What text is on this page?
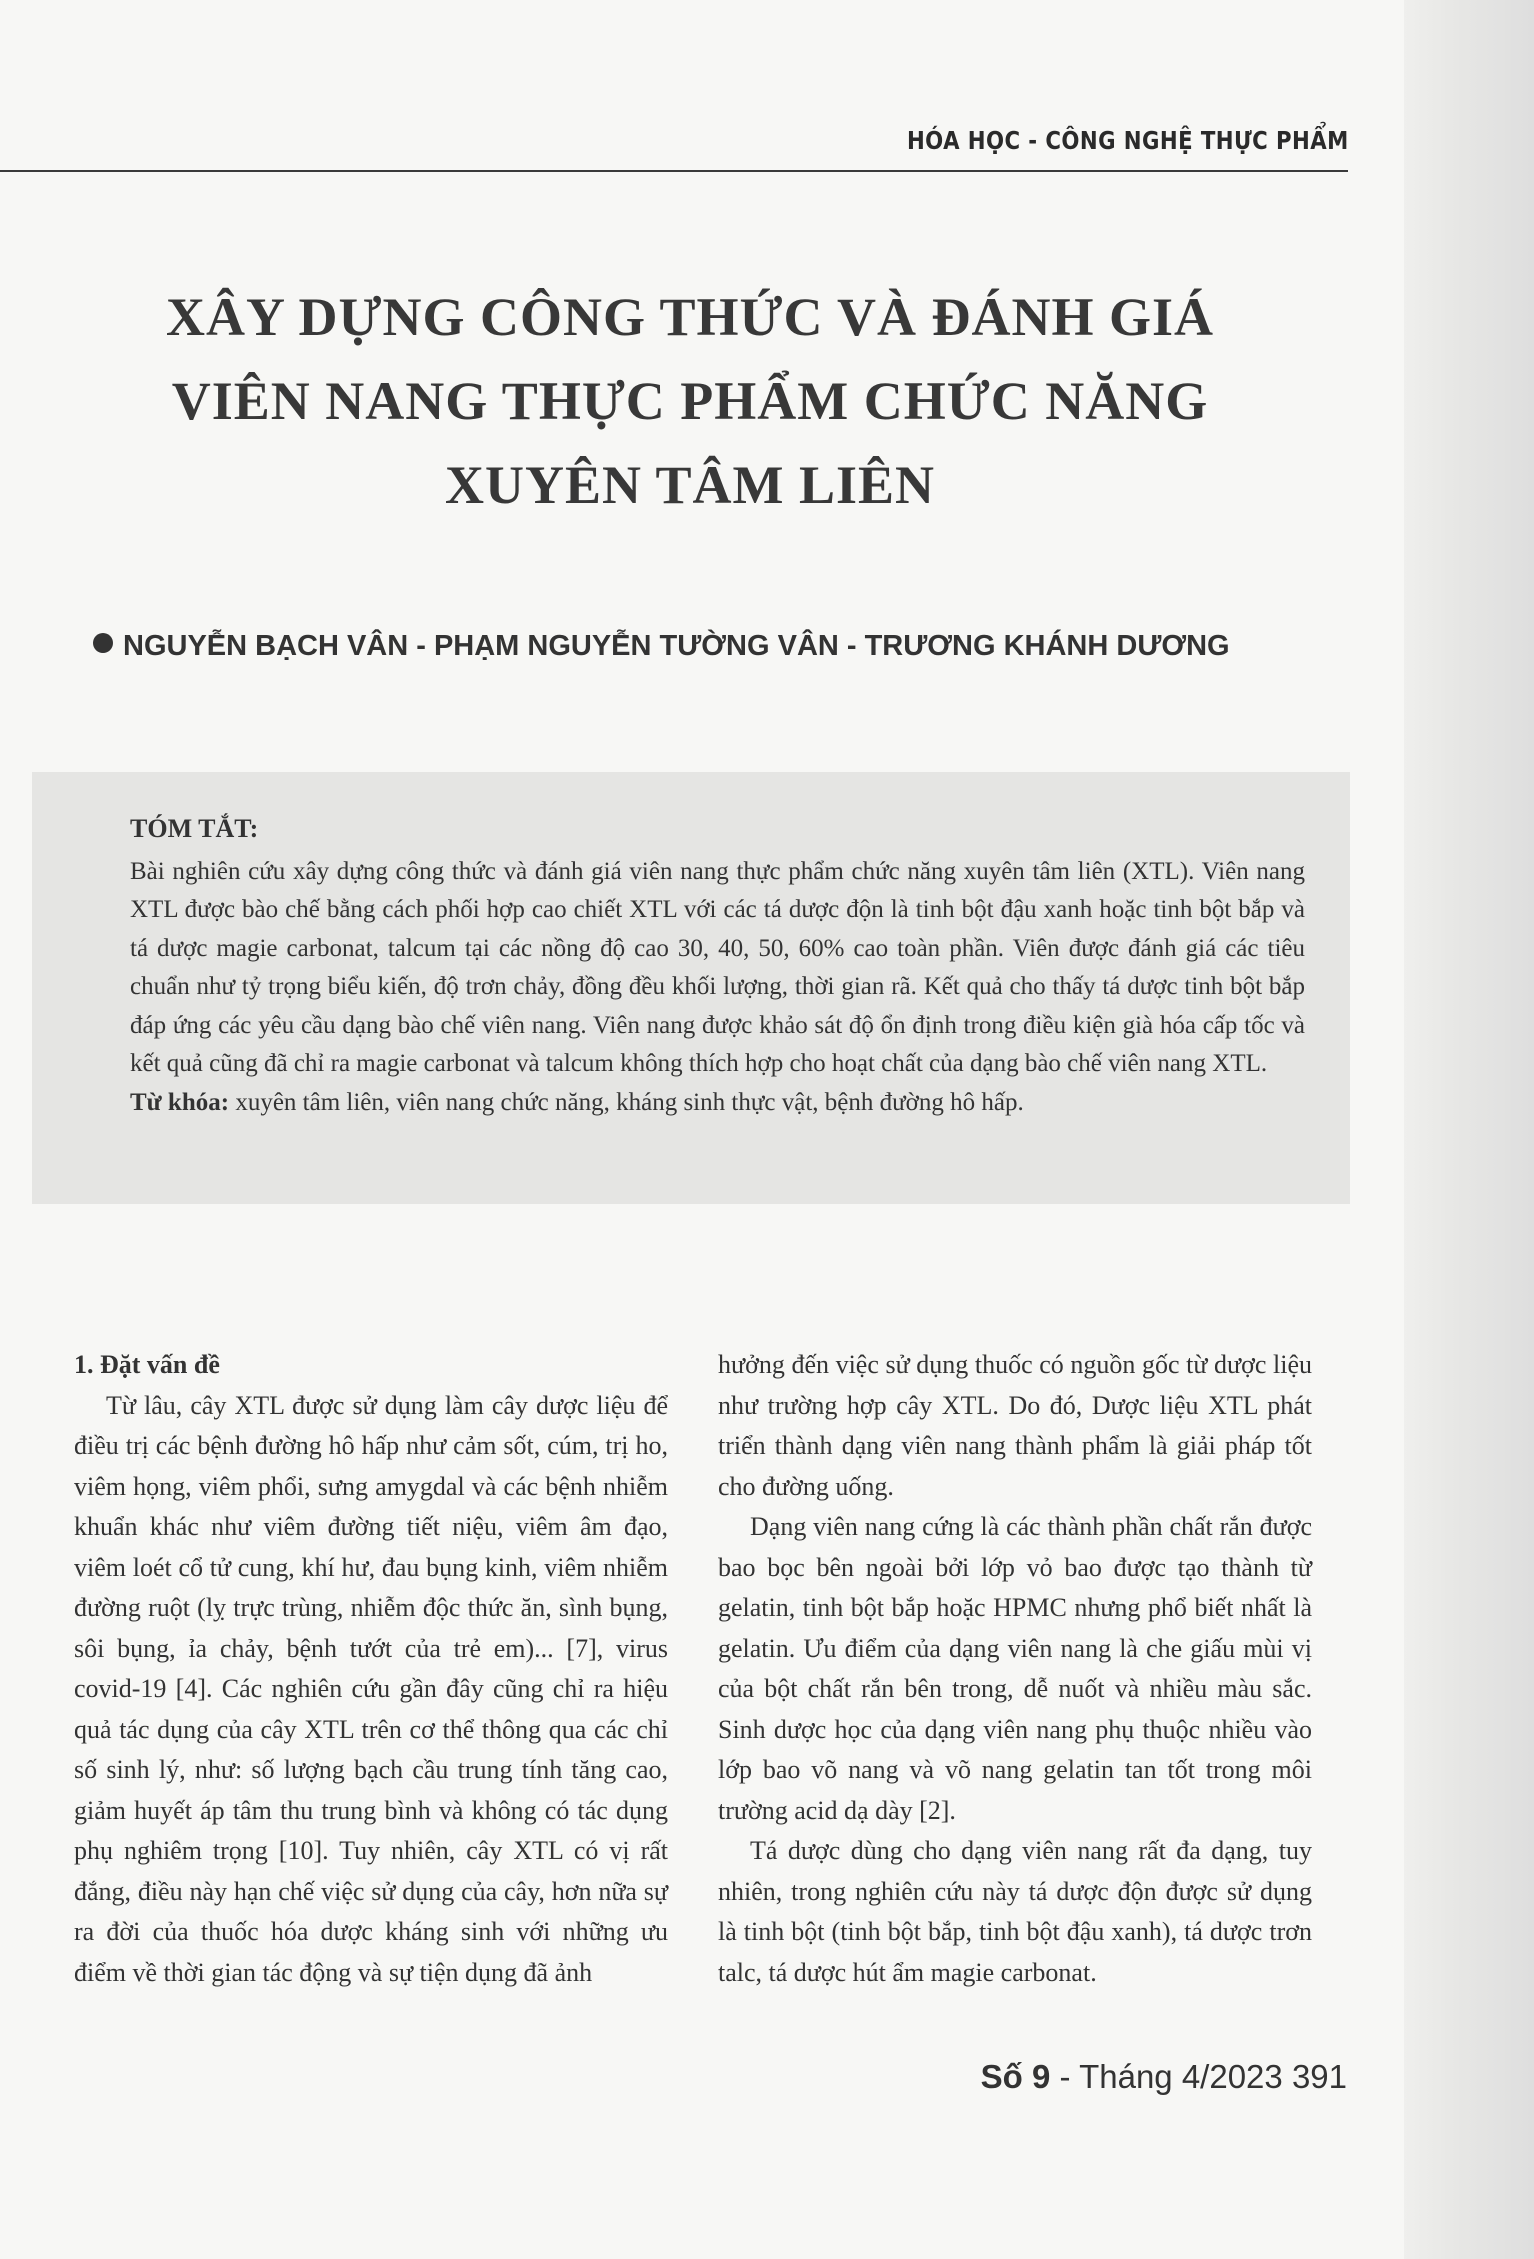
HÓA HỌC - CÔNG NGHỆ THỰC PHẨM
XÂY DỰNG CÔNG THỨC VÀ ĐÁNH GIÁ
VIÊN NANG THỰC PHẨM CHỨC NĂNG
XUYÊN TÂM LIÊN
NGUYỄN BẠCH VÂN - PHẠM NGUYỄN TƯỜNG VÂN - TRƯƠNG KHÁNH DƯƠNG
TÓM TẮT:
Bài nghiên cứu xây dựng công thức và đánh giá viên nang thực phẩm chức năng xuyên tâm liên (XTL). Viên nang XTL được bào chế bằng cách phối hợp cao chiết XTL với các tá dược độn là tinh bột đậu xanh hoặc tinh bột bắp và tá dược magie carbonat, talcum tại các nồng độ cao 30, 40, 50, 60% cao toàn phần. Viên được đánh giá các tiêu chuẩn như tỷ trọng biểu kiến, độ trơn chảy, đồng đều khối lượng, thời gian rã. Kết quả cho thấy tá dược tinh bột bắp đáp ứng các yêu cầu dạng bào chế viên nang. Viên nang được khảo sát độ ổn định trong điều kiện già hóa cấp tốc và kết quả cũng đã chỉ ra magie carbonat và talcum không thích hợp cho hoạt chất của dạng bào chế viên nang XTL.
Từ khóa: xuyên tâm liên, viên nang chức năng, kháng sinh thực vật, bệnh đường hô hấp.

1. Đặt vấn đề

Từ lâu, cây XTL được sử dụng làm cây dược liệu để điều trị các bệnh đường hô hấp như cảm sốt, cúm, trị ho, viêm họng, viêm phổi, sưng amygdal và các bệnh nhiễm khuẩn khác như viêm đường tiết niệu, viêm âm đạo, viêm loét cổ tử cung, khí hư, đau bụng kinh, viêm nhiễm đường ruột (lỵ trực trùng, nhiễm độc thức ăn, sình bụng, sôi bụng, ỉa chảy, bệnh tướt của trẻ em)... [7], virus covid-19 [4]. Các nghiên cứu gần đây cũng chỉ ra hiệu quả tác dụng của cây XTL trên cơ thể thông qua các chỉ số sinh lý, như: số lượng bạch cầu trung tính tăng cao, giảm huyết áp tâm thu trung bình và không có tác dụng phụ nghiêm trọng [10]. Tuy nhiên, cây XTL có vị rất đắng, điều này hạn chế việc sử dụng của cây, hơn nữa sự ra đời của thuốc hóa dược kháng sinh với những ưu điểm về thời gian tác động và sự tiện dụng đã ảnh

hưởng đến việc sử dụng thuốc có nguồn gốc từ dược liệu như trường hợp cây XTL. Do đó, Dược liệu XTL phát triển thành dạng viên nang thành phẩm là giải pháp tốt cho đường uống.

Dạng viên nang cứng là các thành phần chất rắn được bao bọc bên ngoài bởi lớp vỏ bao được tạo thành từ gelatin, tinh bột bắp hoặc HPMC nhưng phổ biết nhất là gelatin. Ưu điểm của dạng viên nang là che giấu mùi vị của bột chất rắn bên trong, dễ nuốt và nhiều màu sắc. Sinh dược học của dạng viên nang phụ thuộc nhiều vào lớp bao võ nang và võ nang gelatin tan tốt trong môi trường acid dạ dày [2].

Tá dược dùng cho dạng viên nang rất đa dạng, tuy nhiên, trong nghiên cứu này tá dược độn được sử dụng là tinh bột (tinh bột bắp, tinh bột đậu xanh), tá dược trơn talc, tá dược hút ẩm magie carbonat.

Số 9 - Tháng 4/2023 391
